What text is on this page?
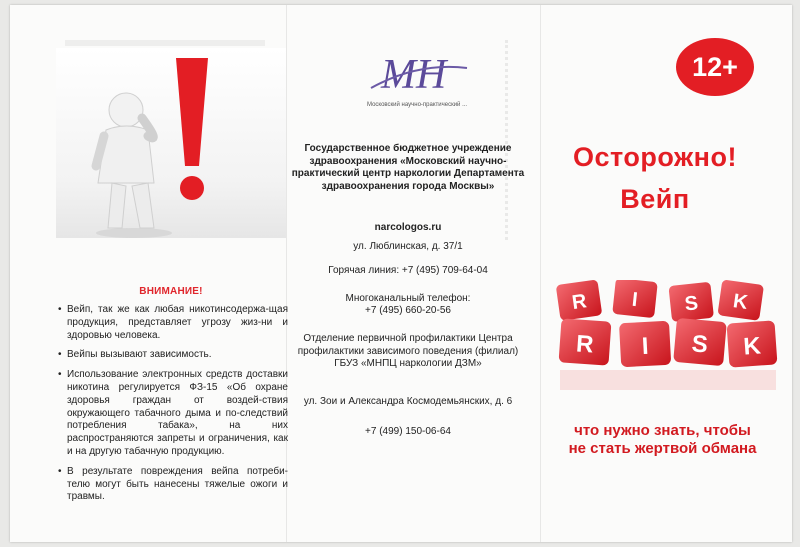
ВНИМАНИЕ!
• Вейп, так же как любая никотинсодержа-щая продукция, представляет угрозу жиз-ни и здоровью человека.
• Вейпы вызывают зависимость.
• Использование электронных средств доставки никотина регулируется ФЗ-15 «Об охране здоровья граждан от воздей-ствия окружающего табачного дыма и по-следствий потребления табака», на них распространяются запреты и ограничения, как и на другую табачную продукцию.
• В результате повреждения вейпа потреби-телю могут быть нанесены тяжелые ожоги и травмы.
МН
Московский научно-практический ...
Государственное бюджетное учреждение здравоохранения «Московский научно-практический центр наркологии Департамента здравоохранения города Москвы»
narcologos.ru
ул. Люблинская, д. 37/1
Горячая линия: +7 (495) 709-64-04
Многоканальный телефон:
+7 (495) 660-20-56
Отделение первичной профилактики Центра профилактики зависимого поведения (филиал) ГБУЗ «МНПЦ наркологии ДЗМ»
ул. Зои и Александра Космодемьянских, д. 6
+7 (499) 150-06-64
12+
Осторожно!
Вейп
R I S K
R I S K
что нужно знать, чтобы не стать жертвой обмана
